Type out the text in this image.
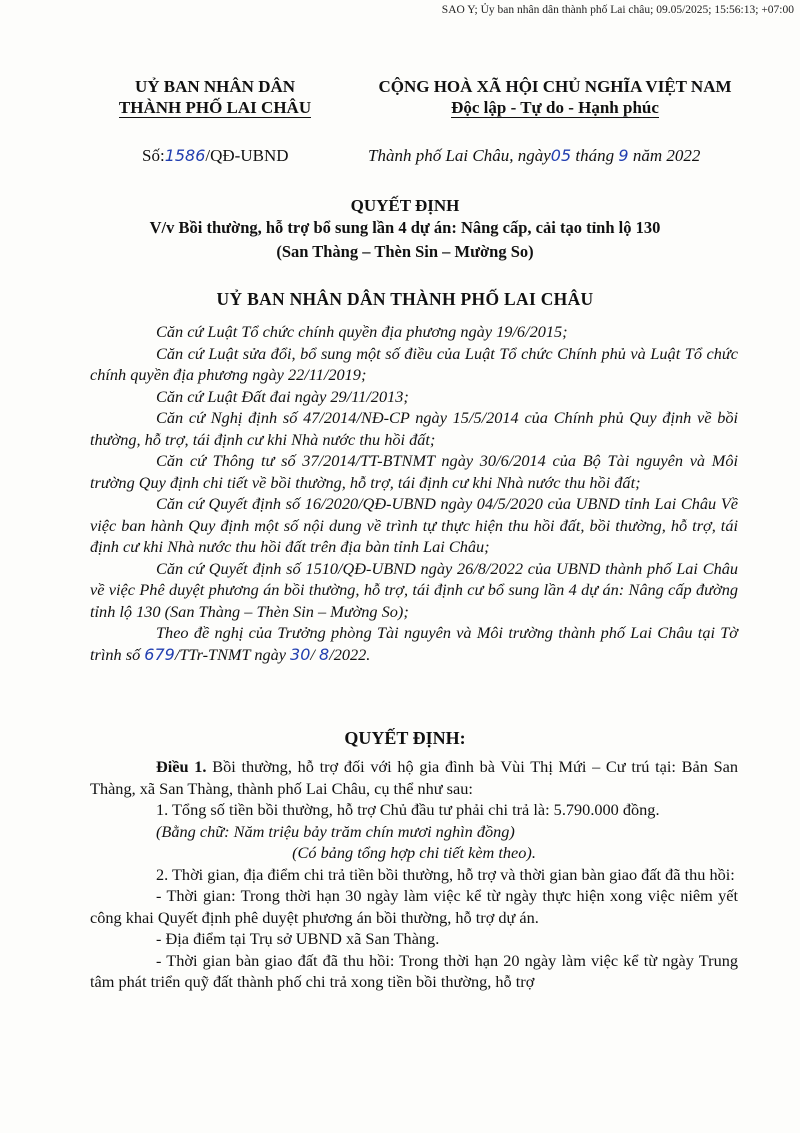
SAO Y; Ủy ban nhân dân thành phố Lai châu; 09.05/2025; 15:56:13; +07:00
UỶ BAN NHÂN DÂN
THÀNH PHỐ LAI CHÂU
CỘNG HOÀ XÃ HỘI CHỦ NGHĨA VIỆT NAM
Độc lập - Tự do - Hạnh phúc
Số:1586/QĐ-UBND	Thành phố Lai Châu, ngày05 tháng 9 năm 2022
QUYẾT ĐỊNH
V/v Bồi thường, hỗ trợ bổ sung lần 4 dự án: Nâng cấp, cải tạo tỉnh lộ 130
(San Thàng – Thèn Sin – Mường So)
UỶ BAN NHÂN DÂN THÀNH PHỐ LAI CHÂU

Căn cứ Luật Tổ chức chính quyền địa phương ngày 19/6/2015;

Căn cứ Luật sửa đổi, bổ sung một số điều của Luật Tổ chức Chính phủ và Luật Tổ chức chính quyền địa phương ngày 22/11/2019;

Căn cứ Luật Đất đai ngày 29/11/2013;

Căn cứ Nghị định số 47/2014/NĐ-CP ngày 15/5/2014 của Chính phủ Quy định về bồi thường, hỗ trợ, tái định cư khi Nhà nước thu hồi đất;

Căn cứ Thông tư số 37/2014/TT-BTNMT ngày 30/6/2014 của Bộ Tài nguyên và Môi trường Quy định chi tiết về bồi thường, hỗ trợ, tái định cư khi Nhà nước thu hồi đất;

Căn cứ Quyết định số 16/2020/QĐ-UBND ngày 04/5/2020 của UBND tỉnh Lai Châu Về việc ban hành Quy định một số nội dung về trình tự thực hiện thu hồi đất, bồi thường, hỗ trợ, tái định cư khi Nhà nước thu hồi đất trên địa bàn tỉnh Lai Châu;

Căn cứ Quyết định số 1510/QĐ-UBND ngày 26/8/2022 của UBND thành phố Lai Châu về việc Phê duyệt phương án bồi thường, hỗ trợ, tái định cư bổ sung lần 4 dự án: Nâng cấp đường tỉnh lộ 130 (San Thàng – Thèn Sin – Mường So);

Theo đề nghị của Trưởng phòng Tài nguyên và Môi trường thành phố Lai Châu tại Tờ trình số 679/TTr-TNMT ngày 30/ 8/2022.

QUYẾT ĐỊNH:

Điều 1. Bồi thường, hỗ trợ đối với hộ gia đình bà Vùi Thị Mứi – Cư trú tại: Bản San Thàng, xã San Thàng, thành phố Lai Châu, cụ thể như sau:

1. Tổng số tiền bồi thường, hỗ trợ Chủ đầu tư phải chi trả là: 5.790.000 đồng.

(Bằng chữ: Năm triệu bảy trăm chín mươi nghìn đồng)

(Có bảng tổng hợp chi tiết kèm theo).

2. Thời gian, địa điểm chi trả tiền bồi thường, hỗ trợ và thời gian bàn giao đất đã thu hồi:

- Thời gian: Trong thời hạn 30 ngày làm việc kể từ ngày thực hiện xong việc niêm yết công khai Quyết định phê duyệt phương án bồi thường, hỗ trợ dự án.

- Địa điểm tại Trụ sở UBND xã San Thàng.

- Thời gian bàn giao đất đã thu hồi: Trong thời hạn 20 ngày làm việc kể từ ngày Trung tâm phát triển quỹ đất thành phố chi trả xong tiền bồi thường, hỗ trợ
